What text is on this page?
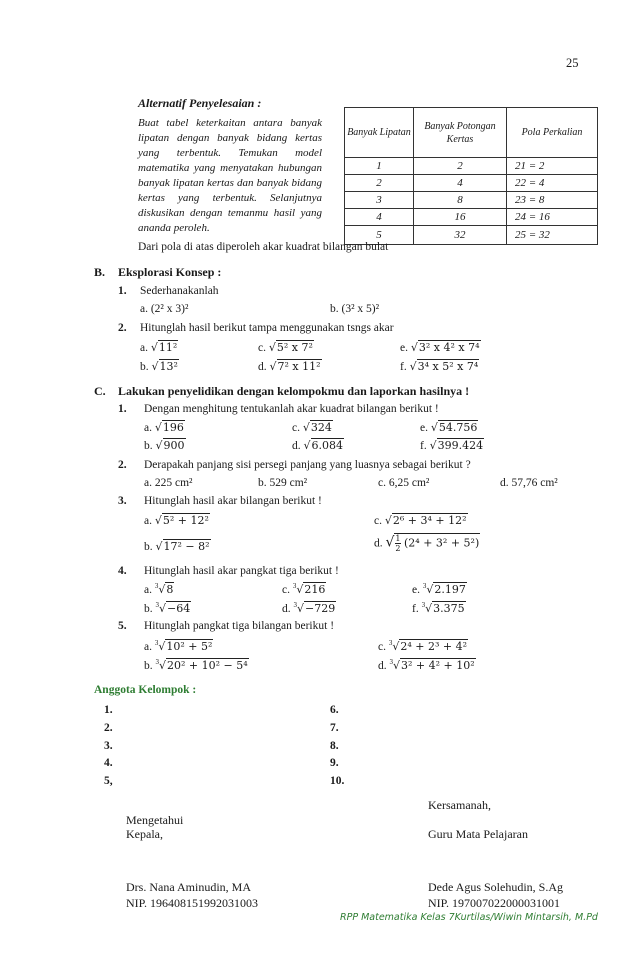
25
Alternatif Penyelesaian :
Buat tabel keterkaitan antara banyak lipatan dengan banyak bidang kertas yang terbentuk. Temukan model matematika yang menyatakan hubungan banyak lipatan kertas dan banyak bidang kertas yang terbentuk. Selanjutnya diskusikan dengan temanmu hasil yang ananda peroleh.
Banyak Lipatan	Banyak Potongan Kertas	Pola Perkalian
1	2	21 = 2
2	4	22 = 4
3	8	23 = 8
4	16	24 = 16
5	32	25 = 32
Dari pola di atas diperoleh akar kuadrat bilangan bulat
B. Eksplorasi Konsep :
1. Sederhanakanlah
a. (2² x 3)²	b. (3² x 5)²
2. Hitunglah hasil berikut tampa menggunakan tsngs akar
a. √11²	c. √5² x 7²	e. √3² x 4² x 7⁴
b. √13²	d. √7² x 11²	f. √3⁴ x 5² x 7⁴
C. Lakukan penyelidikan dengan kelompokmu dan laporkan hasilnya !
1. Dengan menghitung tentukanlah akar kuadrat bilangan berikut !
a. √196	c. √324	e. √54.756
b. √900	d. √6.084	f. √399.424
2. Derapakah panjang sisi persegi panjang yang luasnya sebagai berikut ?
a. 225 cm²	b. 529 cm²	c. 6,25 cm²	d. 57,76 cm²
3. Hitunglah hasil akar bilangan berikut !
a. √5² + 12²	c. √2⁶ + 3⁴ + 12²
b. √17² − 8²	d. $√\frac{1}{2} (2^4 + 3^2 + 5^2)$
4. Hitunglah hasil akar pangkat tiga berikut !
a. $^3$√8	c. $^3$√216	e. $^3$√2.197
b. $^3$√−64	d. $^3$√−729	f. $^3$√3.375
5. Hitunglah pangkat tiga bilangan berikut !
a. $^3$√10² + 5²	c. $^3$√2⁴ + 2³ + 4²
b. $^3$√20² + 10² − 5⁴	d. $^3$√3² + 4² + 10²
Anggota Kelompok :
1.
2.
3.
4.
5,
6.
7.
8.
9.
10.
Kersamanah,
Mengetahui
Kepala,	Guru Mata Pelajaran
Drs. Nana Aminudin, MA
NIP. 196408151992031003
Dede Agus Solehudin, S.Ag
NIP. 197007022000031001
RPP Matematika Kelas 7Kurtilas/Wiwin Mintarsih, M.Pd
